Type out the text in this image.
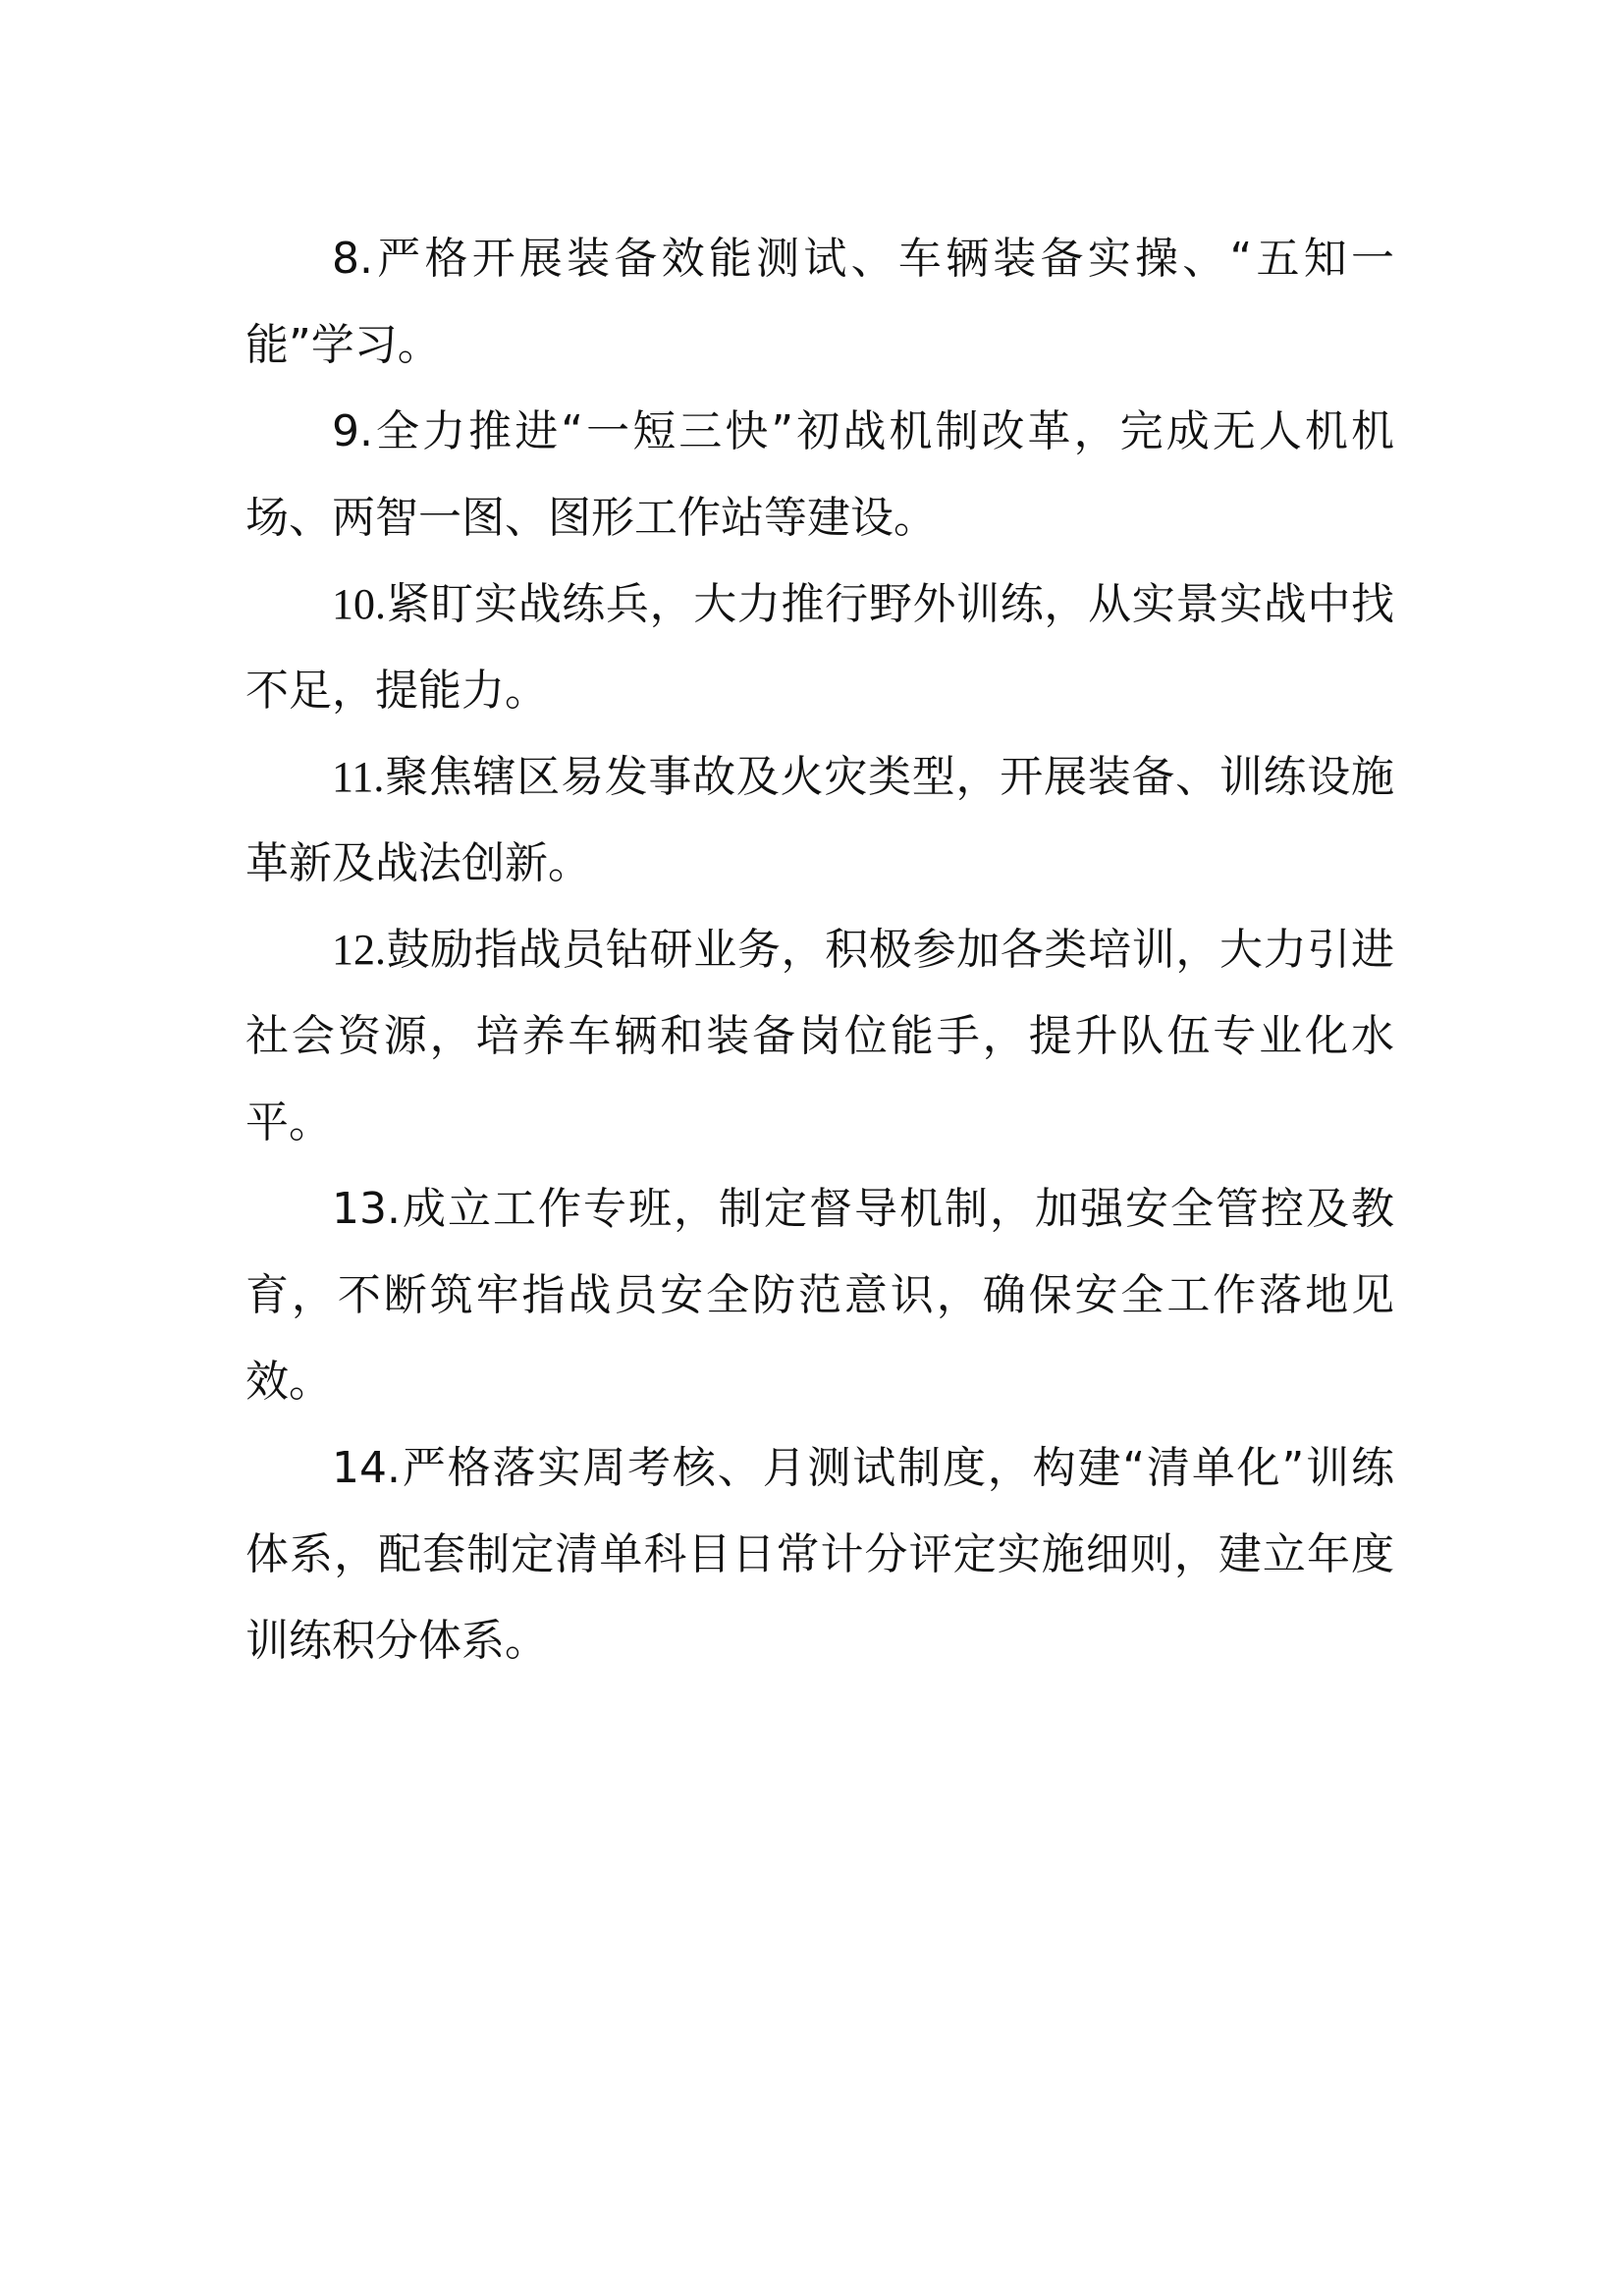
8.严格开展装备效能测试、车辆装备实操、“五知一能”学习。

9.全力推进“一短三快”初战机制改革，完成无人机机场、两智一图、图形工作站等建设。

10.紧盯实战练兵，大力推行野外训练，从实景实战中找不足，提能力。

11.聚焦辖区易发事故及火灾类型，开展装备、训练设施革新及战法创新。

12.鼓励指战员钻研业务，积极参加各类培训，大力引进社会资源，培养车辆和装备岗位能手，提升队伍专业化水平。

13.成立工作专班，制定督导机制，加强安全管控及教育，不断筑牢指战员安全防范意识，确保安全工作落地见效。

14.严格落实周考核、月测试制度，构建“清单化”训练体系，配套制定清单科目日常计分评定实施细则，建立年度训练积分体系。
